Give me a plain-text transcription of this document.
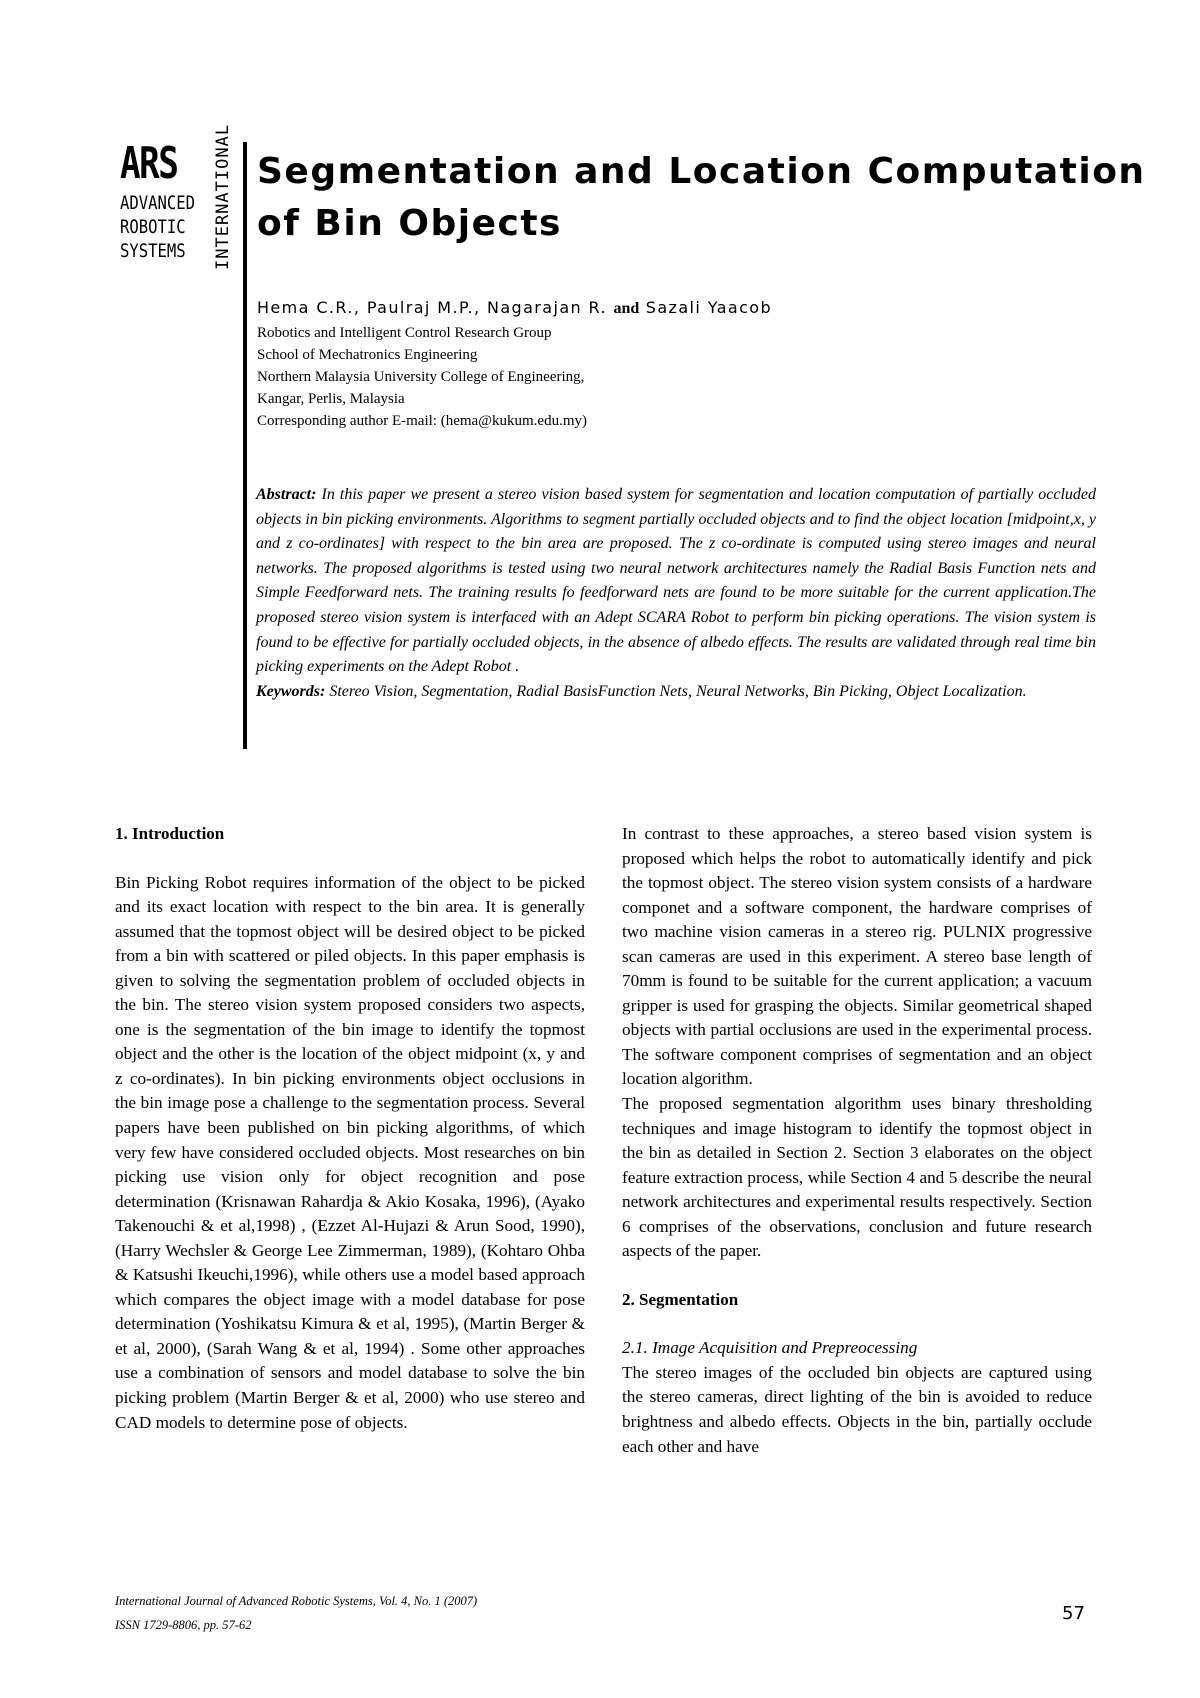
ARS
ADVANCED
ROBOTIC
SYSTEMS INTERNATIONAL Segmentation and Location Computation
of Bin Objects
Hema C.R., Paulraj M.P., Nagarajan R. and Sazali Yaacob
Robotics and Intelligent Control Research Group
School of Mechatronics Engineering
Northern Malaysia University College of Engineering,
Kangar, Perlis, Malaysia
Corresponding author E-mail: (hema@kukum.edu.my)

Abstract: In this paper we present a stereo vision based system for segmentation and location computation of partially occluded objects in bin picking environments. Algorithms to segment partially occluded objects and to find the object location [midpoint,x, y and z co-ordinates] with respect to the bin area are proposed. The z co-ordinate is computed using stereo images and neural networks. The proposed algorithms is tested using two neural network architectures namely the Radial Basis Function nets and Simple Feedforward nets. The training results fo feedforward nets are found to be more suitable for the current application.The proposed stereo vision system is interfaced with an Adept SCARA Robot to perform bin picking operations. The vision system is found to be effective for partially occluded objects, in the absence of albedo effects. The results are validated through real time bin picking experiments on the Adept Robot .

Keywords: Stereo Vision, Segmentation, Radial BasisFunction Nets, Neural Networks, Bin Picking, Object Localization.

1. Introduction

Bin Picking Robot requires information of the object to be picked and its exact location with respect to the bin area. It is generally assumed that the topmost object will be desired object to be picked from a bin with scattered or piled objects. In this paper emphasis is given to solving the segmentation problem of occluded objects in the bin. The stereo vision system proposed considers two aspects, one is the segmentation of the bin image to identify the topmost object and the other is the location of the object midpoint (x, y and z co-ordinates). In bin picking environments object occlusions in the bin image pose a challenge to the segmentation process. Several papers have been published on bin picking algorithms, of which very few have considered occluded objects. Most researches on bin picking use vision only for object recognition and pose determination (Krisnawan Rahardja & Akio Kosaka, 1996), (Ayako Takenouchi & et al,1998) , (Ezzet Al-Hujazi & Arun Sood, 1990), (Harry Wechsler & George Lee Zimmerman, 1989), (Kohtaro Ohba & Katsushi Ikeuchi,1996), while others use a model based approach which compares the object image with a model database for pose determination (Yoshikatsu Kimura & et al, 1995), (Martin Berger & et al, 2000), (Sarah Wang & et al, 1994) . Some other approaches use a combination of sensors and model database to solve the bin picking problem (Martin Berger & et al, 2000) who use stereo and CAD models to determine pose of objects.

In contrast to these approaches, a stereo based vision system is proposed which helps the robot to automatically identify and pick the topmost object. The stereo vision system consists of a hardware componet and a software component, the hardware comprises of two machine vision cameras in a stereo rig. PULNIX progressive scan cameras are used in this experiment. A stereo base length of 70mm is found to be suitable for the current application; a vacuum gripper is used for grasping the objects. Similar geometrical shaped objects with partial occlusions are used in the experimental process. The software component comprises of segmentation and an object location algorithm.

The proposed segmentation algorithm uses binary thresholding techniques and image histogram to identify the topmost object in the bin as detailed in Section 2. Section 3 elaborates on the object feature extraction process, while Section 4 and 5 describe the neural network architectures and experimental results respectively. Section 6 comprises of the observations, conclusion and future research aspects of the paper.

2. Segmentation

2.1. Image Acquisition and Prepreocessing

The stereo images of the occluded bin objects are captured using the stereo cameras, direct lighting of the bin is avoided to reduce brightness and albedo effects. Objects in the bin, partially occlude each other and have

International Journal of Advanced Robotic Systems, Vol. 4, No. 1 (2007)
ISSN 1729-8806, pp. 57-62
57
